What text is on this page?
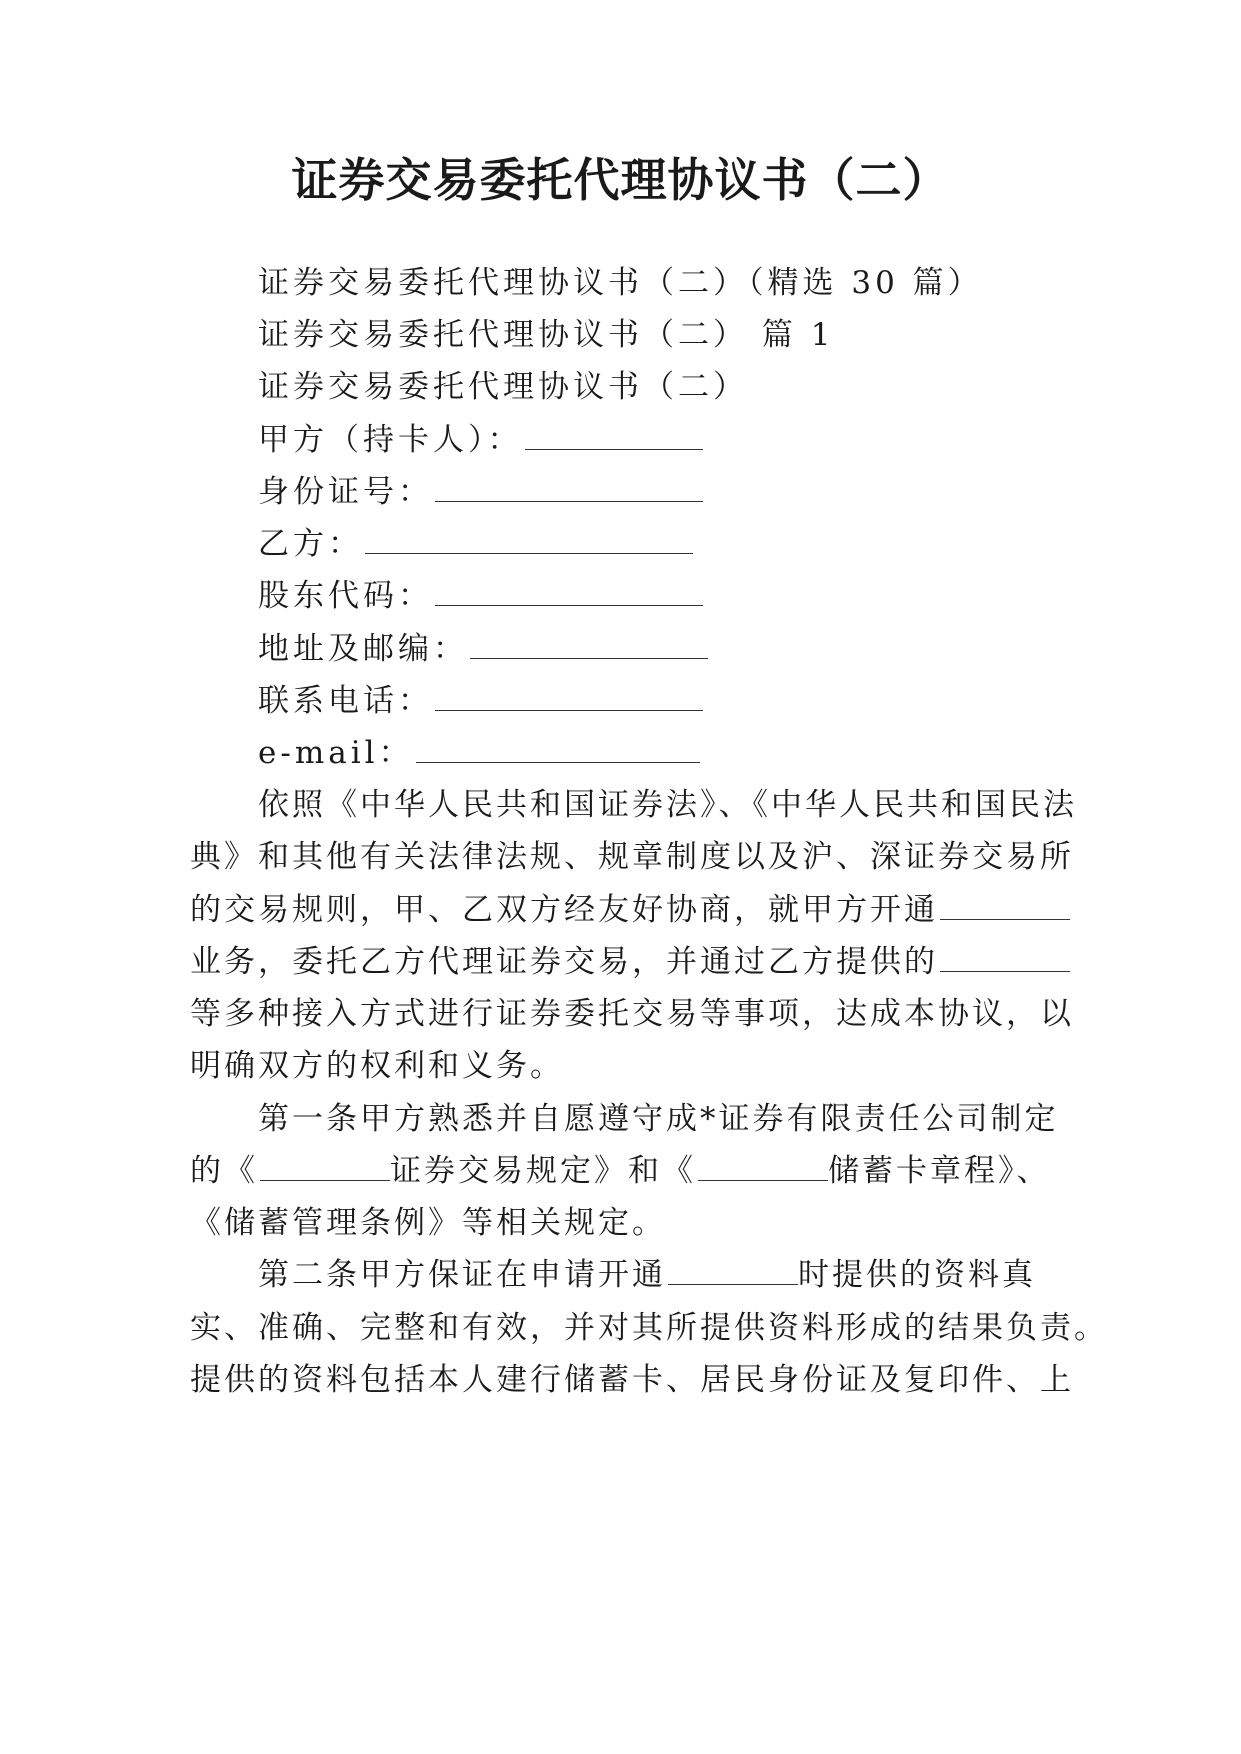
证券交易委托代理协议书（二）
证券交易委托代理协议书（二）（精选 30 篇）
证券交易委托代理协议书（二） 篇 1
证券交易委托代理协议书（二）
甲方（持卡人）：
身份证号：
乙方：
股东代码：
地址及邮编：
联系电话：
e-mail：
依照《中华人民共和国证券法》、《中华人民共和国民法
典》和其他有关法律法规、规章制度以及沪、深证券交易所
的交易规则，甲、乙双方经友好协商，就甲方开通
业务，委托乙方代理证券交易，并通过乙方提供的
等多种接入方式进行证券委托交易等事项，达成本协议，以
明确双方的权利和义务。
第一条甲方熟悉并自愿遵守成*证券有限责任公司制定
的《	证券交易规定》和《	储蓄卡章程》、
《储蓄管理条例》等相关规定。
第二条甲方保证在申请开通	时提供的资料真
实、准确、完整和有效，并对其所提供资料形成的结果负责。
提供的资料包括本人建行储蓄卡、居民身份证及复印件、上
